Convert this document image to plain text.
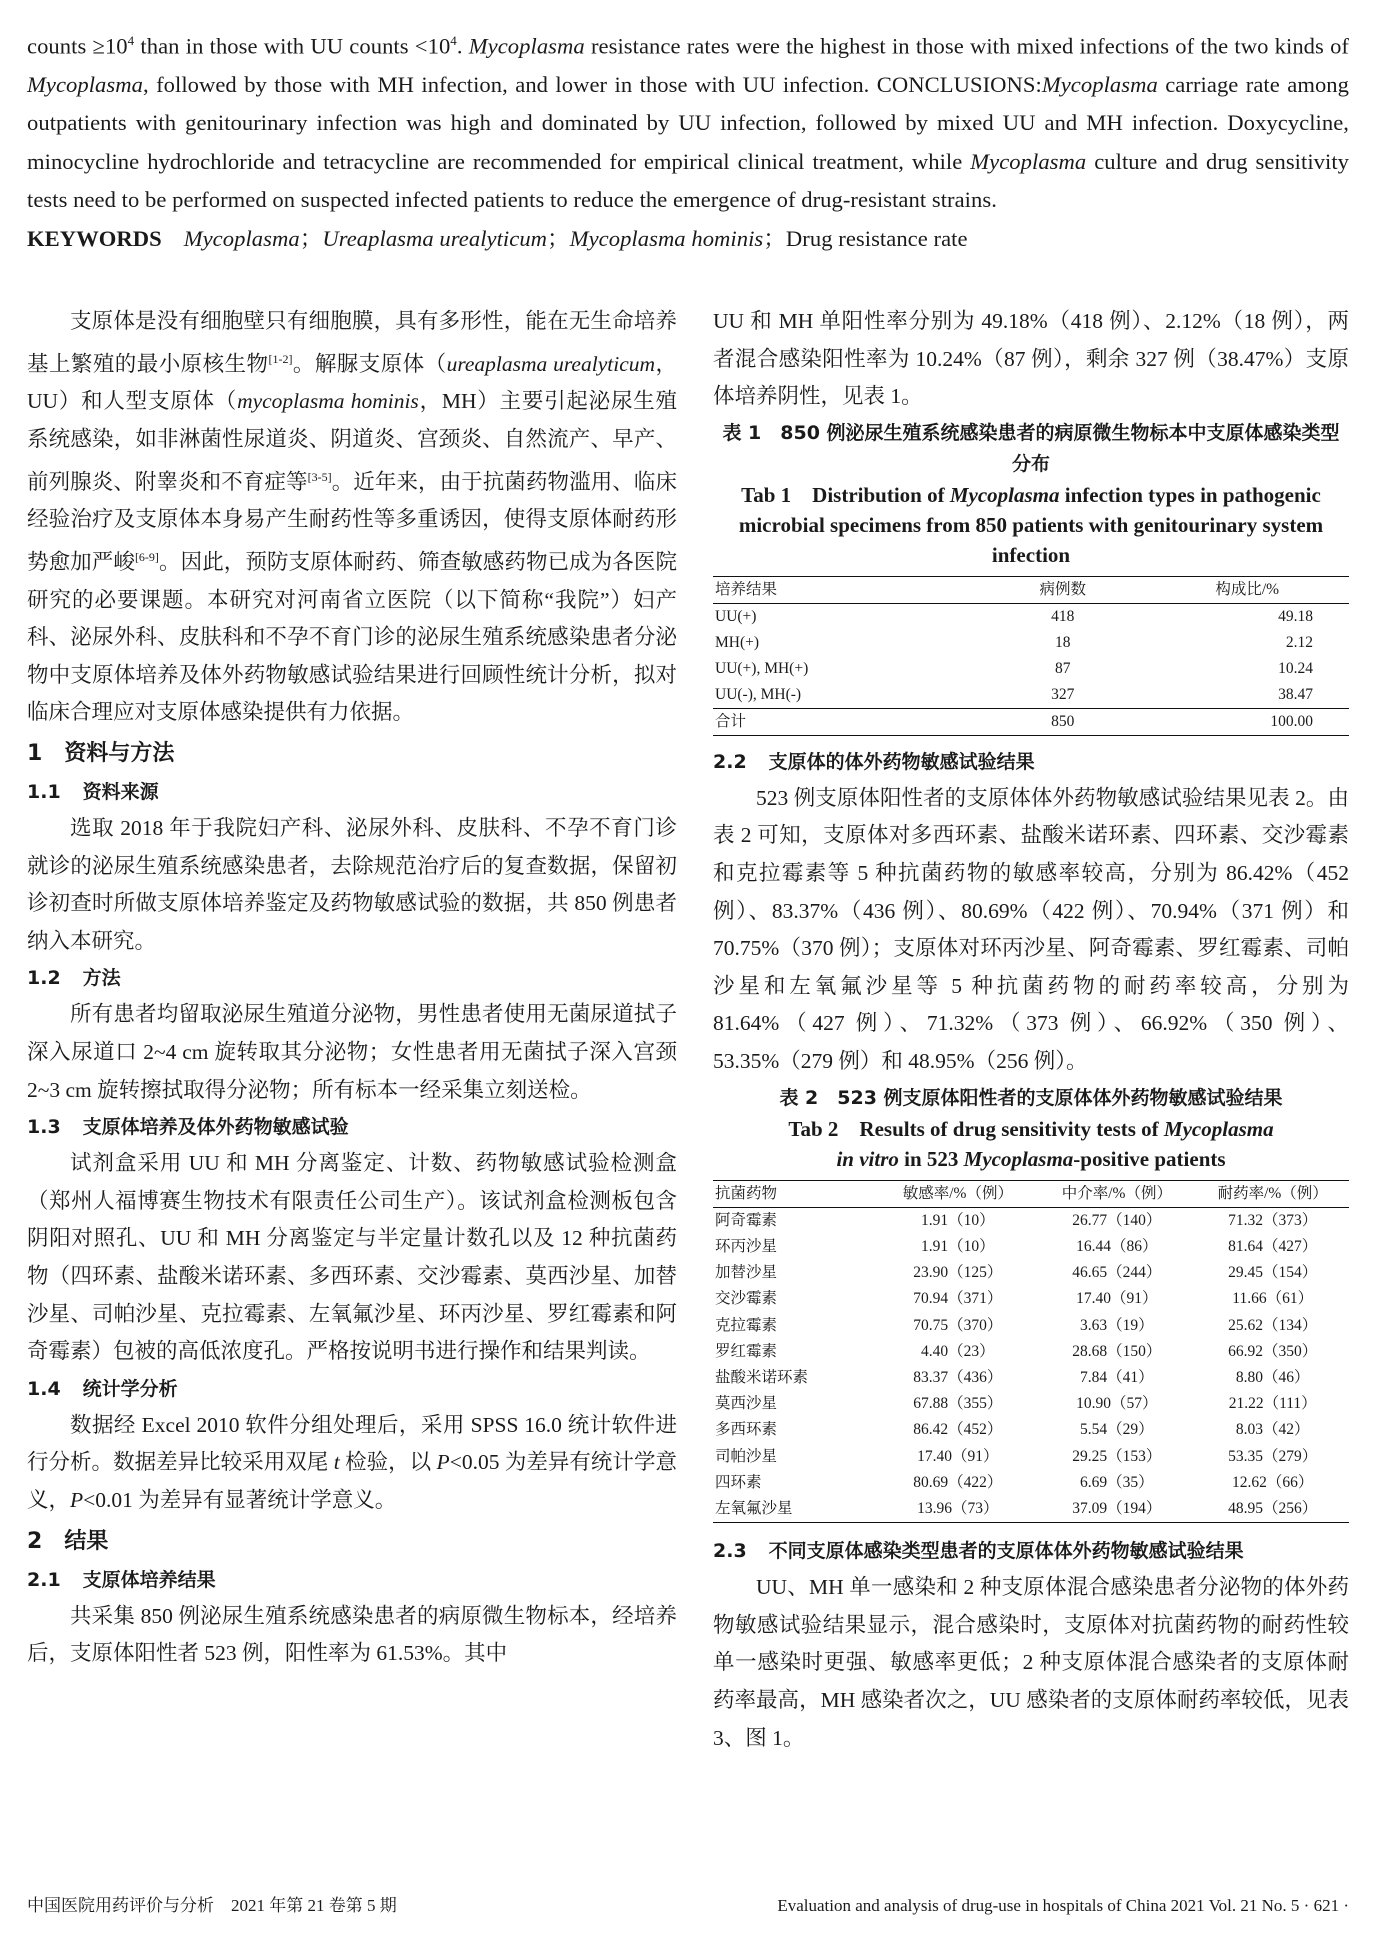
counts $\ge 10^4$ than in those with UU counts $<10^4$. Mycoplasma resistance rates were the highest in those with mixed infections of the two kinds of Mycoplasma, followed by those with MH infection, and lower in those with UU infection. CONCLUSIONS:Mycoplasma carriage rate among outpatients with genitourinary infection was high and dominated by UU infection, followed by mixed UU and MH infection. Doxycycline, minocycline hydrochloride and tetracycline are recommended for empirical clinical treatment, while Mycoplasma culture and drug sensitivity tests need to be performed on suspected infected patients to reduce the emergence of drug-resistant strains.

KEYWORDS Mycoplasma；Ureaplasma urealyticum；Mycoplasma hominis；Drug resistance rate

支原体是没有细胞壁只有细胞膜，具有多形性，能在无生命培养基上繁殖的最小原核生物[1-2]。解脲支原体（ureaplasma urealyticum，UU）和人型支原体（mycoplasma hominis，MH）主要引起泌尿生殖系统感染，如非淋菌性尿道炎、阴道炎、宫颈炎、自然流产、早产、前列腺炎、附睾炎和不育症等[3-5]。近年来，由于抗菌药物滥用、临床经验治疗及支原体本身易产生耐药性等多重诱因，使得支原体耐药形势愈加严峻[6-9]。因此，预防支原体耐药、筛查敏感药物已成为各医院研究的必要课题。本研究对河南省立医院（以下简称“我院”）妇产科、泌尿外科、皮肤科和不孕不育门诊的泌尿生殖系统感染患者分泌物中支原体培养及体外药物敏感试验结果进行回顾性统计分析，拟对临床合理应对支原体感染提供有力依据。

1 资料与方法
1.1 资料来源

选取 2018 年于我院妇产科、泌尿外科、皮肤科、不孕不育门诊就诊的泌尿生殖系统感染患者，去除规范治疗后的复查数据，保留初诊初查时所做支原体培养鉴定及药物敏感试验的数据，共 850 例患者纳入本研究。

1.2 方法

所有患者均留取泌尿生殖道分泌物，男性患者使用无菌尿道拭子深入尿道口 2~4 cm 旋转取其分泌物；女性患者用无菌拭子深入宫颈 2~3 cm 旋转擦拭取得分泌物；所有标本一经采集立刻送检。

1.3 支原体培养及体外药物敏感试验

试剂盒采用 UU 和 MH 分离鉴定、计数、药物敏感试验检测盒（郑州人福博赛生物技术有限责任公司生产）。该试剂盒检测板包含阴阳对照孔、UU 和 MH 分离鉴定与半定量计数孔以及 12 种抗菌药物（四环素、盐酸米诺环素、多西环素、交沙霉素、莫西沙星、加替沙星、司帕沙星、克拉霉素、左氧氟沙星、环丙沙星、罗红霉素和阿奇霉素）包被的高低浓度孔。严格按说明书进行操作和结果判读。

1.4 统计学分析

数据经 Excel 2010 软件分组处理后，采用 SPSS 16.0 统计软件进行分析。数据差异比较采用双尾 t 检验，以 P<0.05 为差异有统计学意义，P<0.01 为差异有显著统计学意义。

2 结果
2.1 支原体培养结果

共采集 850 例泌尿生殖系统感染患者的病原微生物标本，经培养后，支原体阳性者 523 例，阳性率为 61.53%。其中

UU 和 MH 单阳性率分别为 49.18%（418 例）、2.12%（18 例），两者混合感染阳性率为 10.24%（87 例），剩余 327 例（38.47%）支原体培养阴性，见表 1。

表 1　850 例泌尿生殖系统感染患者的病原微生物标本中支原体感染类型分布
Tab 1　Distribution of Mycoplasma infection types in pathogenic microbial specimens from 850 patients with genitourinary system infection
培养结果	病例数	构成比/%
UU(+)	418	49.18
MH(+)	18	2.12
UU(+), MH(+)	87	10.24
UU(-), MH(-)	327	38.47
合计	850	100.00
2.2 支原体的体外药物敏感试验结果

523 例支原体阳性者的支原体体外药物敏感试验结果见表 2。由表 2 可知，支原体对多西环素、盐酸米诺环素、四环素、交沙霉素和克拉霉素等 5 种抗菌药物的敏感率较高，分别为 86.42%（452 例）、83.37%（436 例）、80.69%（422 例）、70.94%（371 例）和 70.75%（370 例）；支原体对环丙沙星、阿奇霉素、罗红霉素、司帕沙星和左氧氟沙星等 5 种抗菌药物的耐药率较高，分别为 81.64%（427 例）、71.32%（373 例）、66.92%（350 例）、53.35%（279 例）和 48.95%（256 例）。

表 2　523 例支原体阳性者的支原体体外药物敏感试验结果
Tab 2　Results of drug sensitivity tests of Mycoplasma
in vitro in 523 Mycoplasma-positive patients
抗菌药物	敏感率/%（例）	中介率/%（例）	耐药率/%（例）
阿奇霉素	1.91（10）	26.77（140）	71.32（373）
环丙沙星	1.91（10）	16.44（86）	81.64（427）
加替沙星	23.90（125）	46.65（244）	29.45（154）
交沙霉素	70.94（371）	17.40（91）	11.66（61）
克拉霉素	70.75（370）	3.63（19）	25.62（134）
罗红霉素	4.40（23）	28.68（150）	66.92（350）
盐酸米诺环素	83.37（436）	7.84（41）	8.80（46）
莫西沙星	67.88（355）	10.90（57）	21.22（111）
多西环素	86.42（452）	5.54（29）	8.03（42）
司帕沙星	17.40（91）	29.25（153）	53.35（279）
四环素	80.69（422）	6.69（35）	12.62（66）
左氧氟沙星	13.96（73）	37.09（194）	48.95（256）
2.3 不同支原体感染类型患者的支原体体外药物敏感试验结果

UU、MH 单一感染和 2 种支原体混合感染患者分泌物的体外药物敏感试验结果显示，混合感染时，支原体对抗菌药物的耐药性较单一感染时更强、敏感率更低；2 种支原体混合感染者的支原体耐药率最高，MH 感染者次之，UU 感染者的支原体耐药率较低，见表 3、图 1。

中国医院用药评价与分析　2021 年第 21 卷第 5 期	Evaluation and analysis of drug-use in hospitals of China 2021 Vol. 21 No. 5 · 621 ·
